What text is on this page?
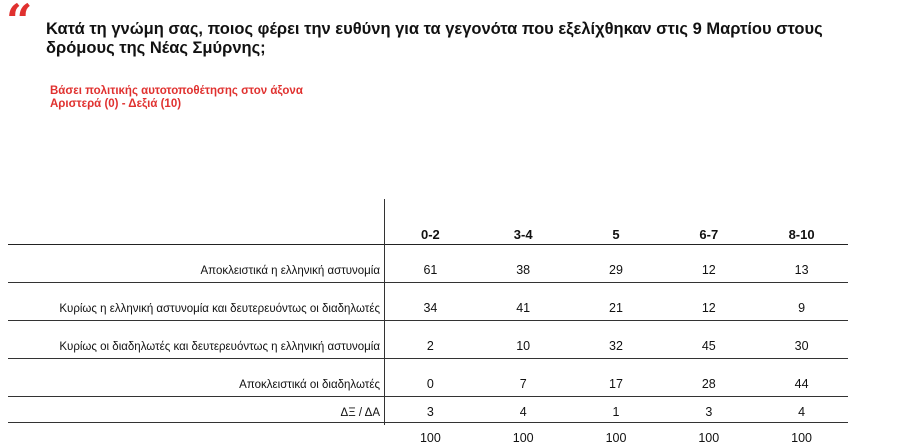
“ Κατά τη γνώμη σας, ποιος φέρει την ευθύνη για τα γεγονότα που εξελίχθηκαν στις 9 Μαρτίου στους δρόμους της Νέας Σμύρνης;
Βάσει πολιτικής αυτοτοποθέτησης στον άξονα Αριστερά (0) - Δεξιά (10)
	0-2	3-4	5	6-7	8-10
Αποκλειστικά η ελληνική αστυνομία	61	38	29	12	13
Κυρίως η ελληνική αστυνομία και δευτερευόντως οι διαδηλωτές	34	41	21	12	9
Κυρίως οι διαδηλωτές και δευτερευόντως η ελληνική αστυνομία	2	10	32	45	30
Αποκλειστικά οι διαδηλωτές	0	7	17	28	44
ΔΞ / ΔΑ	3	4	1	3	4
	100	100	100	100	100
